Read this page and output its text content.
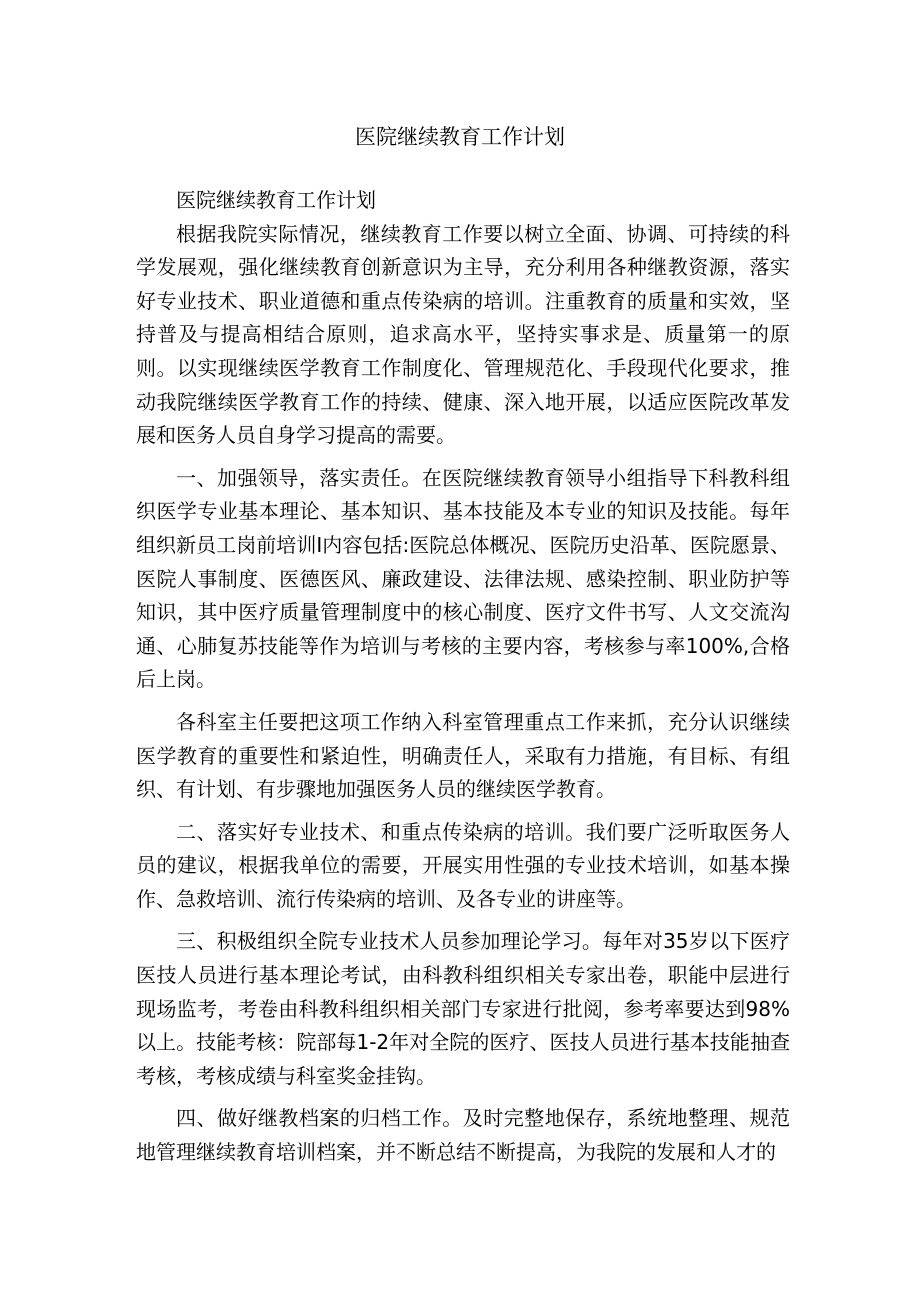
医院继续教育工作计划

医院继续教育工作计划

根据我院实际情况，继续教育工作要以树立全面、协调、可持续的科学发展观，强化继续教育创新意识为主导，充分利用各种继教资源，落实好专业技术、职业道德和重点传染病的培训。注重教育的质量和实效，坚持普及与提高相结合原则，追求高水平，坚持实事求是、质量第一的原则。以实现继续医学教育工作制度化、管理规范化、手段现代化要求，推动我院继续医学教育工作的持续、健康、深入地开展，以适应医院改革发展和医务人员自身学习提高的需要。

一、加强领导，落实责任。在医院继续教育领导小组指导下科教科组织医学专业基本理论、基本知识、基本技能及本专业的知识及技能。每年组织新员工岗前培训I内容包括:医院总体概况、医院历史沿革、医院愿景、医院人事制度、医德医风、廉政建设、法律法规、感染控制、职业防护等知识，其中医疗质量管理制度中的核心制度、医疗文件书写、人文交流沟通、心肺复苏技能等作为培训与考核的主要内容，考核参与率100%,合格后上岗。

各科室主任要把这项工作纳入科室管理重点工作来抓，充分认识继续医学教育的重要性和紧迫性，明确责任人，采取有力措施，有目标、有组织、有计划、有步骤地加强医务人员的继续医学教育。

二、落实好专业技术、和重点传染病的培训。我们要广泛听取医务人员的建议，根据我单位的需要，开展实用性强的专业技术培训，如基本操作、急救培训、流行传染病的培训、及各专业的讲座等。

三、积极组织全院专业技术人员参加理论学习。每年对35岁以下医疗医技人员进行基本理论考试，由科教科组织相关专家出卷，职能中层进行现场监考，考卷由科教科组织相关部门专家进行批阅，参考率要达到98%以上。技能考核：院部每1-2年对全院的医疗、医技人员进行基本技能抽查考核，考核成绩与科室奖金挂钩。

四、做好继教档案的归档工作。及时完整地保存，系统地整理、规范地管理继续教育培训档案，并不断总结不断提高，为我院的发展和人才的
